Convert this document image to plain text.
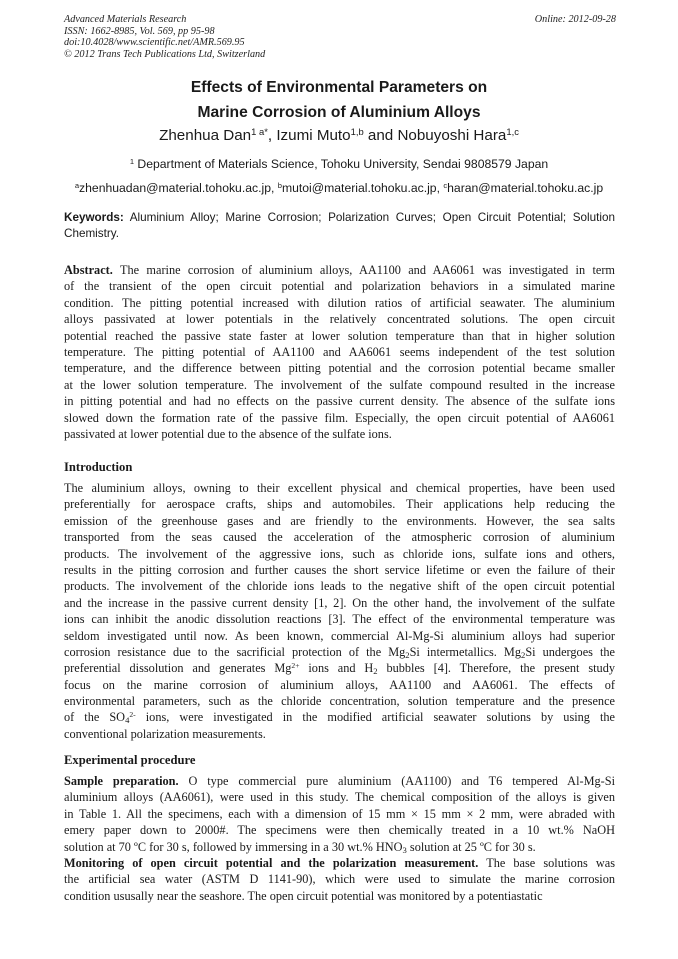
Advanced Materials Research
ISSN: 1662-8985, Vol. 569, pp 95-98
doi:10.4028/www.scientific.net/AMR.569.95
© 2012 Trans Tech Publications Ltd, Switzerland
Online: 2012-09-28
Effects of Environmental Parameters on
Marine Corrosion of Aluminium Alloys
Zhenhua Dan$^{1 a*}$, Izumi Muto$^{1,b}$ and Nobuyoshi Hara$^{1,c}$
$^1$ Department of Materials Science, Tohoku University, Sendai 9808579 Japan
$^a$zhenhuadan@material.tohoku.ac.jp, $^b$mutoi@material.tohoku.ac.jp, $^c$haran@material.tohoku.ac.jp
Keywords: Aluminium Alloy; Marine Corrosion; Polarization Curves; Open Circuit Potential; Solution Chemistry.
Abstract. The marine corrosion of aluminium alloys, AA1100 and AA6061 was investigated in term
of the transient of the open circuit potential and polarization behaviors in a simulated marine
condition. The pitting potential increased with dilution ratios of artificial seawater. The aluminium
alloys passivated at lower potentials in the relatively concentrated solutions. The open circuit
potential reached the passive state faster at lower solution temperature than that in higher solution
temperature. The pitting potential of AA1100 and AA6061 seems independent of the test solution
temperature, and the difference between pitting potential and the corrosion potential became smaller
at the lower solution temperature. The involvement of the sulfate compound resulted in the increase
in pitting potential and had no effects on the passive current density. The absence of the sulfate ions
slowed down the formation rate of the passive film. Especially, the open circuit potential of AA6061
passivated at lower potential due to the absence of the sulfate ions.
Introduction
The aluminium alloys, owning to their excellent physical and chemical properties, have been used
preferentially for aerospace crafts, ships and automobiles. Their applications help reducing the
emission of the greenhouse gases and are friendly to the environments. However, the sea salts
transported from the seas caused the acceleration of the atmospheric corrosion of aluminium
products. The involvement of the aggressive ions, such as chloride ions, sulfate ions and others,
results in the pitting corrosion and further causes the short service lifetime or even the failure of their
products. The involvement of the chloride ions leads to the negative shift of the open circuit potential
and the increase in the passive current density [1, 2]. On the other hand, the involvement of the sulfate
ions can inhibit the anodic dissolution reactions [3]. The effect of the environmental temperature was
seldom investigated until now. As been known, commercial Al-Mg-Si aluminium alloys had superior
corrosion resistance due to the sacrificial protection of the $Mg_2Si$ intermetallics. $Mg_2Si$ undergoes the
preferential dissolution and generates $Mg^{2+}$ ions and $H_2$ bubbles [4]. Therefore, the present study
focus on the marine corrosion of aluminium alloys, AA1100 and AA6061. The effects of
environmental parameters, such as the chloride concentration, solution temperature and the presence
of the $SO_4^{2-}$ ions, were investigated in the modified artificial seawater solutions by using the
conventional polarization measurements.
Experimental procedure
Sample preparation. O type commercial pure aluminium (AA1100) and T6 tempered Al-Mg-Si
aluminium alloys (AA6061), were used in this study. The chemical composition of the alloys is given
in Table 1. All the specimens, each with a dimension of 15 mm × 15 mm × 2 mm, were abraded with
emery paper down to 2000#. The specimens were then chemically treated in a 10 wt.% NaOH
solution at 70 ºC for 30 s, followed by immersing in a 30 wt.% $HNO_3$ solution at 25 ºC for 30 s.
Monitoring of open circuit potential and the polarization measurement. The base solutions was
the artificial sea water (ASTM D 1141-90), which were used to simulate the marine corrosion
condition ususally near the seashore. The open circuit potential was monitored by a potentiastatic
